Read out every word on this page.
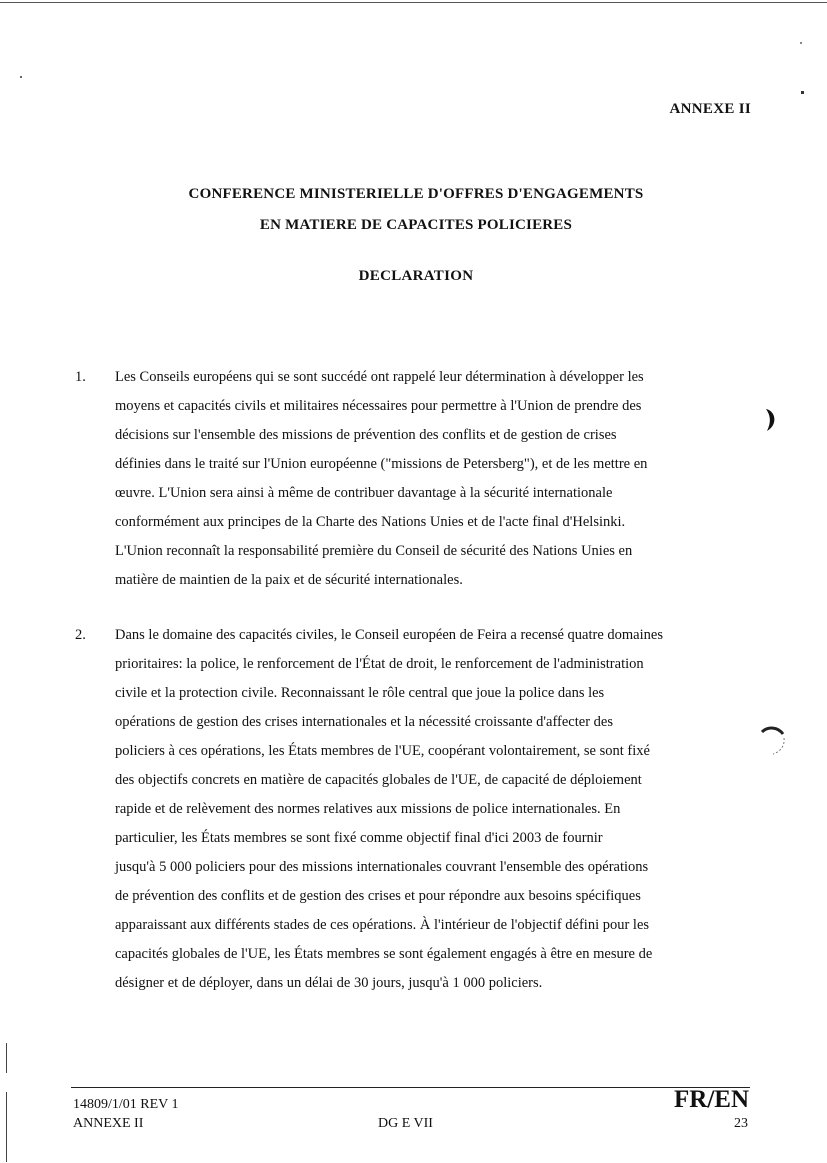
ANNEXE II
CONFERENCE MINISTERIELLE D'OFFRES D'ENGAGEMENTS
EN MATIERE DE CAPACITES POLICIERES
DECLARATION
1. Les Conseils européens qui se sont succédé ont rappelé leur détermination à développer les
moyens et capacités civils et militaires nécessaires pour permettre à l'Union de prendre des
décisions sur l'ensemble des missions de prévention des conflits et de gestion de crises
définies dans le traité sur l'Union européenne ("missions de Petersberg"), et de les mettre en
œuvre. L'Union sera ainsi à même de contribuer davantage à la sécurité internationale
conformément aux principes de la Charte des Nations Unies et de l'acte final d'Helsinki.
L'Union reconnaît la responsabilité première du Conseil de sécurité des Nations Unies en
matière de maintien de la paix et de sécurité internationales.
2. Dans le domaine des capacités civiles, le Conseil européen de Feira a recensé quatre domaines
prioritaires: la police, le renforcement de l'État de droit, le renforcement de l'administration
civile et la protection civile. Reconnaissant le rôle central que joue la police dans les
opérations de gestion des crises internationales et la nécessité croissante d'affecter des
policiers à ces opérations, les États membres de l'UE, coopérant volontairement, se sont fixé
des objectifs concrets en matière de capacités globales de l'UE, de capacité de déploiement
rapide et de relèvement des normes relatives aux missions de police internationales. En
particulier, les États membres se sont fixé comme objectif final d'ici 2003 de fournir
jusqu'à 5 000 policiers pour des missions internationales couvrant l'ensemble des opérations
de prévention des conflits et de gestion des crises et pour répondre aux besoins spécifiques
apparaissant aux différents stades de ces opérations. À l'intérieur de l'objectif défini pour les
capacités globales de l'UE, les États membres se sont également engagés à être en mesure de
désigner et de déployer, dans un délai de 30 jours, jusqu'à 1 000 policiers.
14809/1/01 REV 1
ANNEXE II	DG E VII
FR/EN
23
